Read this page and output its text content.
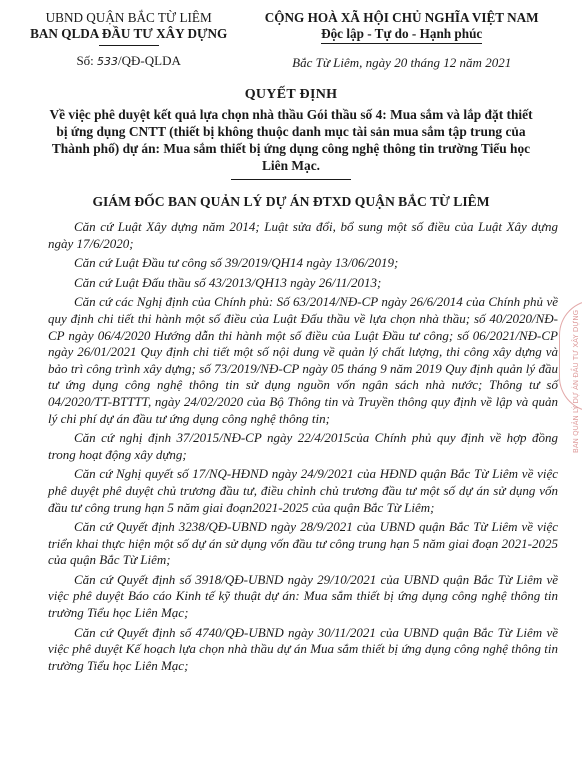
UBND QUẬN BẮC TỪ LIÊM
BAN QLDA ĐẦU TƯ XÂY DỰNG
Số: 533/QĐ-QLDA
CỘNG HOÀ XÃ HỘI CHỦ NGHĨA VIỆT NAM
Độc lập - Tự do - Hạnh phúc
Bắc Từ Liêm, ngày 20 tháng 12 năm 2021
QUYẾT ĐỊNH
Về việc phê duyệt kết quả lựa chọn nhà thầu Gói thầu số 4: Mua sắm và lắp đặt thiết bị ứng dụng CNTT (thiết bị không thuộc danh mục tài sản mua sắm tập trung của Thành phố) dự án: Mua sắm thiết bị ứng dụng công nghệ thông tin trường Tiểu học Liên Mạc.
GIÁM ĐỐC BAN QUẢN LÝ DỰ ÁN ĐTXD QUẬN BẮC TỪ LIÊM

Căn cứ Luật Xây dựng năm 2014; Luật sửa đổi, bổ sung một số điều của Luật Xây dựng ngày 17/6/2020;

Căn cứ Luật Đầu tư công số 39/2019/QH14 ngày 13/06/2019;

Căn cứ Luật Đấu thầu số 43/2013/QH13 ngày 26/11/2013;

Căn cứ các Nghị định của Chính phủ: Số 63/2014/NĐ-CP ngày 26/6/2014 của Chính phủ về quy định chi tiết thi hành một số điều của Luật Đấu thầu về lựa chọn nhà thầu; số 40/2020/NĐ-CP ngày 06/4/2020 Hướng dẫn thi hành một số điều của Luật Đầu tư công; số 06/2021/NĐ-CP ngày 26/01/2021 Quy định chi tiết một số nội dung về quản lý chất lượng, thi công xây dựng và bảo trì công trình xây dựng; số 73/2019/NĐ-CP ngày 05 tháng 9 năm 2019 Quy định quản lý đầu tư ứng dụng công nghệ thông tin sử dụng nguồn vốn ngân sách nhà nước; Thông tư số 04/2020/TT-BTTTT, ngày 24/02/2020 của Bộ Thông tin và Truyền thông quy định về lập và quản lý chi phí dự án đầu tư ứng dụng công nghệ thông tin;

Căn cứ nghị định 37/2015/NĐ-CP ngày 22/4/2015của Chính phủ quy định về hợp đồng trong hoạt động xây dựng;

Căn cứ Nghị quyết số 17/NQ-HĐND ngày 24/9/2021 của HĐND quận Bắc Từ Liêm về việc phê duyệt phê duyệt chủ trương đầu tư, điều chỉnh chủ trương đầu tư một số dự án sử dụng vốn đầu tư công trung hạn 5 năm giai đoạn2021-2025 của quận Bắc Từ Liêm;

Căn cứ Quyết định 3238/QĐ-UBND ngày 28/9/2021 của UBND quận Bắc Từ Liêm về việc triển khai thực hiện một số dự án sử dụng vốn đầu tư công trung hạn 5 năm giai đoạn 2021-2025 của quận Bắc Từ Liêm;

Căn cứ Quyết định số 3918/QĐ-UBND ngày 29/10/2021 của UBND quận Bắc Từ Liêm về việc phê duyệt Báo cáo Kinh tế kỹ thuật dự án: Mua sắm thiết bị ứng dụng công nghệ thông tin trường Tiểu học Liên Mạc;

Căn cứ Quyết định số 4740/QĐ-UBND ngày 30/11/2021 của UBND quận Bắc Từ Liêm về việc phê duyệt Kế hoạch lựa chọn nhà thầu dự án Mua sắm thiết bị ứng dụng công nghệ thông tin trường Tiểu học Liên Mạc;

BAN QUẢN LÝ DỰ ÁN ĐẦU TƯ XÂY DỰNG
